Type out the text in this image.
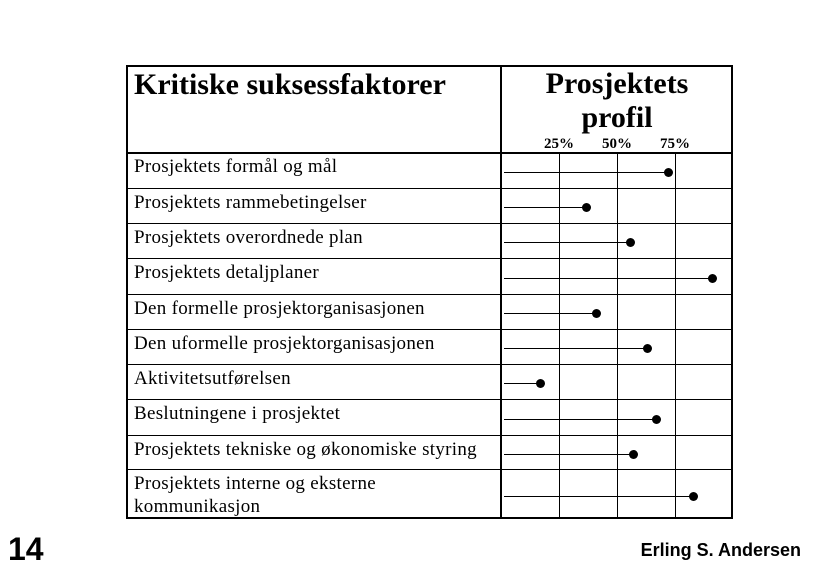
Kritiske suksessfaktorer	Prosjektets profil
25%	50%	75%
Prosjektets formål og mål
Prosjektets rammebetingelser
Prosjektets overordnede plan
Prosjektets detaljplaner
Den formelle prosjektorganisasjonen
Den uformelle prosjektorganisasjonen
Aktivitetsutførelsen
Beslutningene i prosjektet
Prosjektets tekniske og økonomiske styring
Prosjektets interne og eksterne kommunikasjon
14	Erling S. Andersen
